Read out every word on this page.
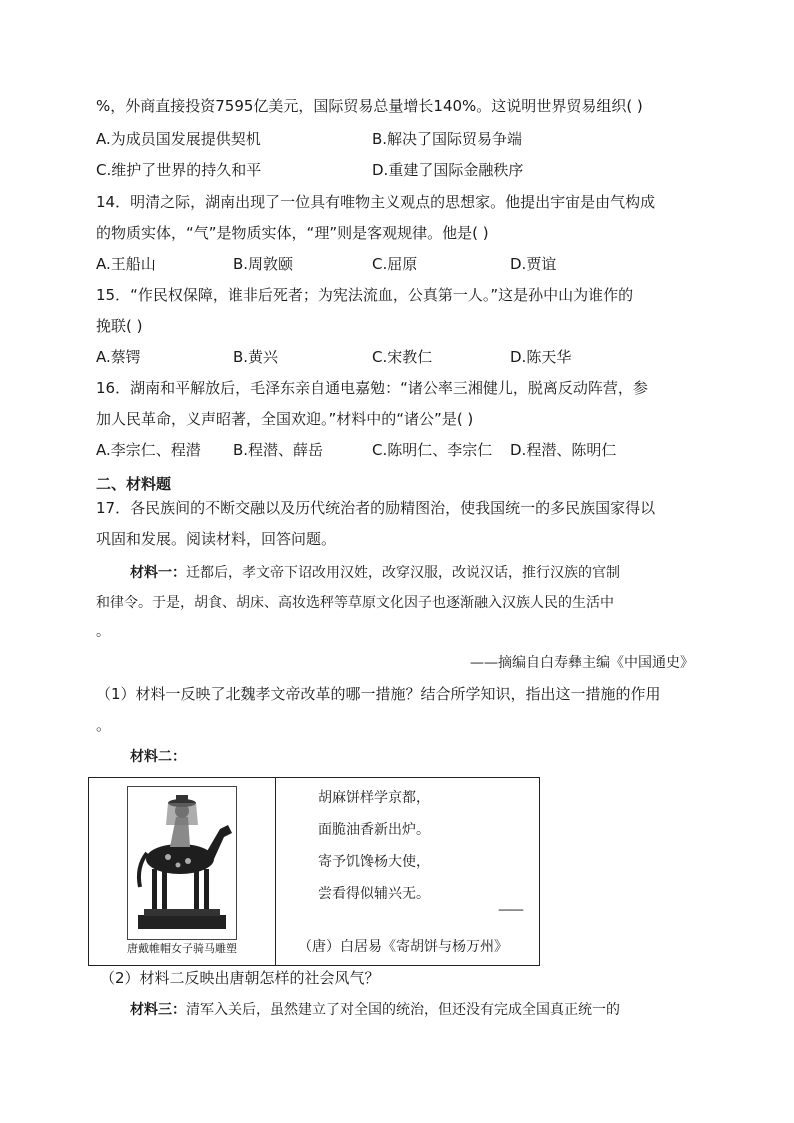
%，外商直接投资7595亿美元，国际贸易总量增长140%。这说明世界贸易组织( )
A.为成员国发展提供契机	B.解决了国际贸易争端
C.维护了世界的持久和平	D.重建了国际金融秩序
14．明清之际，湖南出现了一位具有唯物主义观点的思想家。他提出宇宙是由气构成
的物质实体，“气”是物质实体，“理”则是客观规律。他是( )
A.王船山	B.周敦颐	C.屈原	D.贾谊
15．“作民权保障，谁非后死者；为宪法流血，公真第一人。”这是孙中山为谁作的
挽联( )
A.蔡锷	B.黄兴	C.宋教仁	D.陈天华
16．湖南和平解放后，毛泽东亲自通电嘉勉：“诸公率三湘健儿，脱离反动阵营，参
加人民革命，义声昭著，全国欢迎。”材料中的“诸公”是( )
A.李宗仁、程潜 B.程潜、薛岳	C.陈明仁、李宗仁 D.程潜、陈明仁
二、材料题
17．各民族间的不断交融以及历代统治者的励精图治，使我国统一的多民族国家得以
巩固和发展。阅读材料，回答问题。
材料一：迁都后，孝文帝下诏改用汉姓，改穿汉服，改说汉话，推行汉族的官制
和律令。于是，胡食、胡床、高妆选秤等草原文化因子也逐渐融入汉族人民的生活中
。
——摘编自白寿彝主编《中国通史》
（1）材料一反映了北魏孝文帝改革的哪一措施？结合所学知识，指出这一措施的作用
。
材料二：
唐戴帷帽女子骑马雕塑

胡麻饼样学京都，
面脆油香新出炉。
寄予饥馋杨大使，
尝看得似辅兴无。
——
（唐）白居易《寄胡饼与杨万州》
（2）材料二反映出唐朝怎样的社会风气？
材料三：清军入关后，虽然建立了对全国的统治，但还没有完成全国真正统一的
